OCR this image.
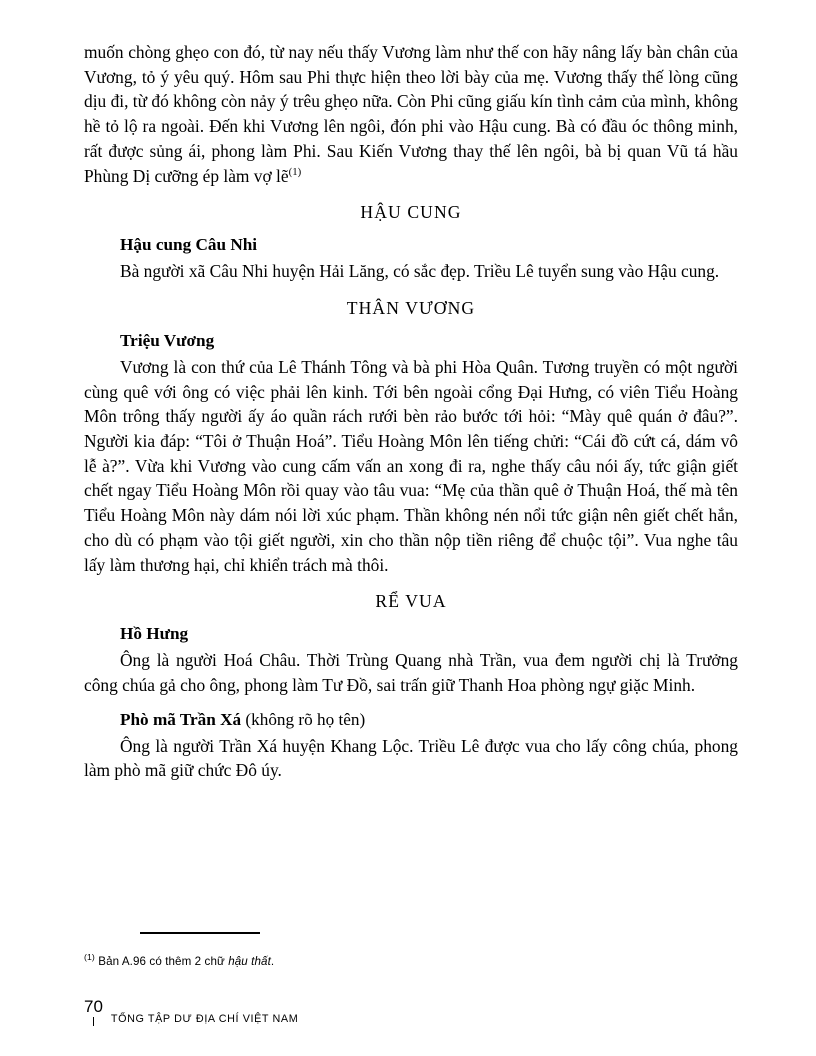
muốn chòng ghẹo con đó, từ nay nếu thấy Vương làm như thế con hãy nâng lấy bàn chân của Vương, tỏ ý yêu quý. Hôm sau Phi thực hiện theo lời bày của mẹ. Vương thấy thế lòng cũng dịu đi, từ đó không còn nảy ý trêu ghẹo nữa. Còn Phi cũng giấu kín tình cảm của mình, không hề tỏ lộ ra ngoài. Đến khi Vương lên ngôi, đón phi vào Hậu cung. Bà có đầu óc thông minh, rất được sủng ái, phong làm Phi. Sau Kiến Vương thay thế lên ngôi, bà bị quan Vũ tá hầu Phùng Dị cưỡng ép làm vợ lẽ$^{(1)}$

HẬU CUNG
Hậu cung Câu Nhi

Bà người xã Câu Nhi huyện Hải Lăng, có sắc đẹp. Triều Lê tuyển sung vào Hậu cung.

THÂN VƯƠNG
Triệu Vương

Vương là con thứ của Lê Thánh Tông và bà phi Hòa Quân. Tương truyền có một người cùng quê với ông có việc phải lên kinh. Tới bên ngoài cổng Đại Hưng, có viên Tiểu Hoàng Môn trông thấy người ấy áo quần rách rưới bèn rảo bước tới hỏi: “Mày quê quán ở đâu?”. Người kia đáp: “Tôi ở Thuận Hoá”. Tiểu Hoàng Môn lên tiếng chửi: “Cái đồ cứt cá, dám vô lễ à?”. Vừa khi Vương vào cung cấm vấn an xong đi ra, nghe thấy câu nói ấy, tức giận giết chết ngay Tiểu Hoàng Môn rồi quay vào tâu vua: “Mẹ của thần quê ở Thuận Hoá, thế mà tên Tiểu Hoàng Môn này dám nói lời xúc phạm. Thần không nén nổi tức giận nên giết chết hắn, cho dù có phạm vào tội giết người, xin cho thần nộp tiền riêng để chuộc tội”. Vua nghe tâu lấy làm thương hại, chỉ khiển trách mà thôi.

RỂ VUA
Hồ Hưng

Ông là người Hoá Châu. Thời Trùng Quang nhà Trần, vua đem người chị là Trưởng công chúa gả cho ông, phong làm Tư Đồ, sai trấn giữ Thanh Hoa phòng ngự giặc Minh.

Phò mã Trần Xá (không rõ họ tên)

Ông là người Trần Xá huyện Khang Lộc. Triều Lê được vua cho lấy công chúa, phong làm phò mã giữ chức Đô úy.

$^{(1)}$ Bản A.96 có thêm 2 chữ hậu thất.
70
TỔNG TẬP DƯ ĐỊA CHÍ VIỆT NAM
